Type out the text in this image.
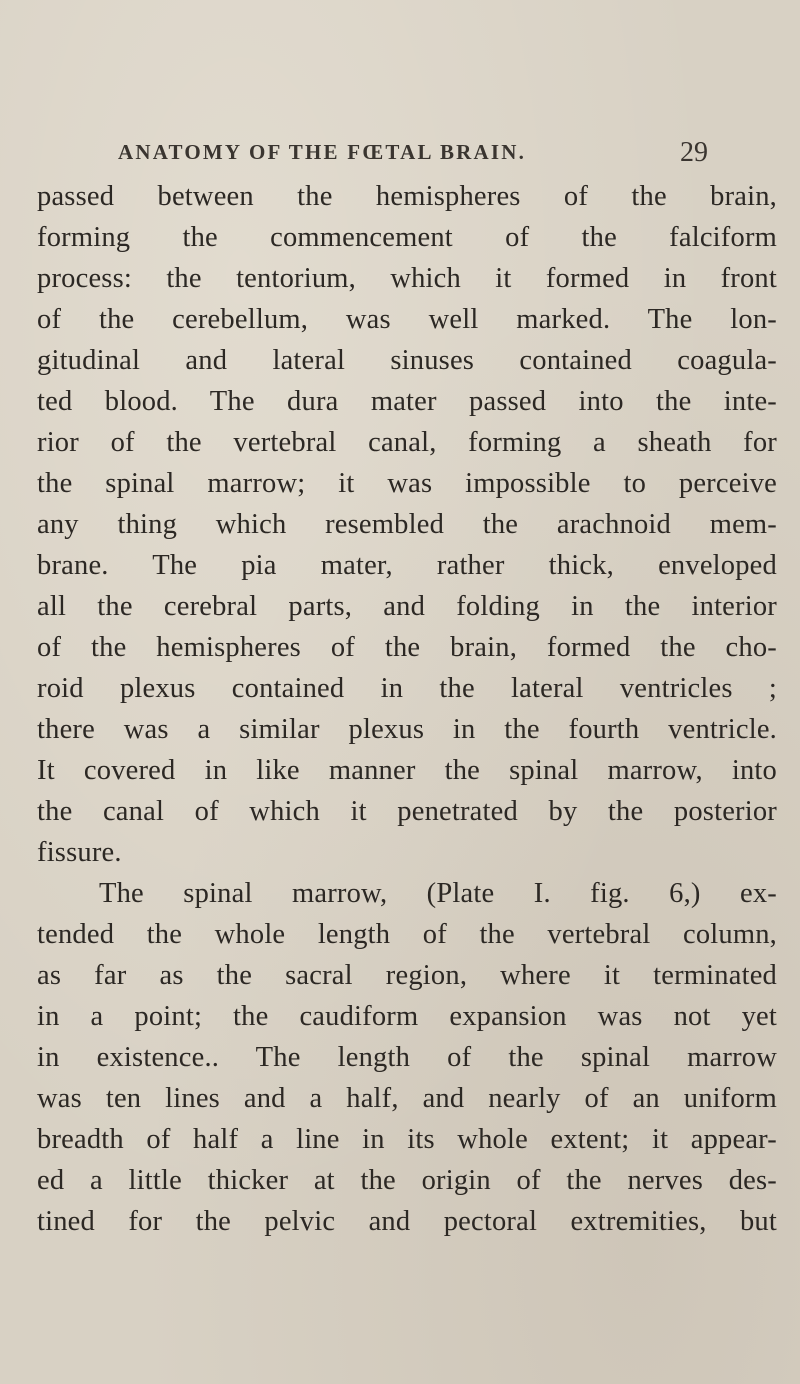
ANATOMY OF THE FŒTAL BRAIN.	29
passed between the hemispheres of the brain,
forming the commencement of the falciform
process: the tentorium, which it formed in front
of the cerebellum, was well marked. The lon-
gitudinal and lateral sinuses contained coagula-
ted blood. The dura mater passed into the inte-
rior of the vertebral canal, forming a sheath for
the spinal marrow; it was impossible to perceive
any thing which resembled the arachnoid mem-
brane. The pia mater, rather thick, enveloped
all the cerebral parts, and folding in the interior
of the hemispheres of the brain, formed the cho-
roid plexus contained in the lateral ventricles ;
there was a similar plexus in the fourth ventricle.
It covered in like manner the spinal marrow, into
the canal of which it penetrated by the posterior
fissure.
The spinal marrow, (Plate I. fig. 6,) ex-
tended the whole length of the vertebral column,
as far as the sacral region, where it terminated
in a point; the caudiform expansion was not yet
in existence.. The length of the spinal marrow
was ten lines and a half, and nearly of an uniform
breadth of half a line in its whole extent; it appear-
ed a little thicker at the origin of the nerves des-
tined for the pelvic and pectoral extremities, but
